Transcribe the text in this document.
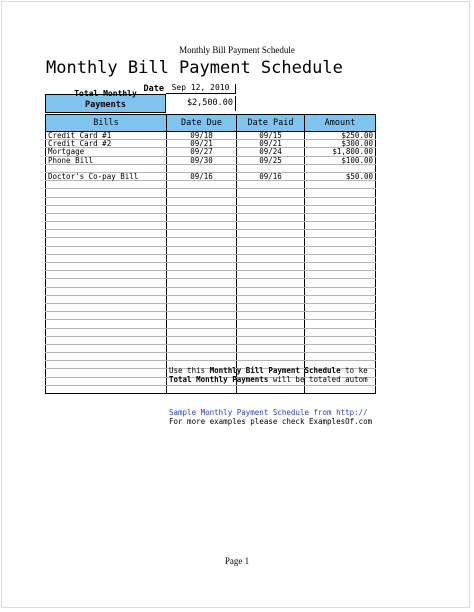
Monthly Bill Payment Schedule
Monthly Bill Payment Schedule
Date Sep 12, 2010
Total Monthly
Payments	$2,500.00
Bills	Date Due	Date Paid	Amount
Credit Card #1	09/18	09/15	$250.00
Credit Card #2	09/21	09/21	$300.00
Mortgage	09/27	09/24	$1,800.00
Phone Bill	09/30	09/25	$100.00

Doctor's Co-pay Bill	09/16	09/16	$50.00

Use this Monthly Bill Payment Schedule to ke
Total Monthly Payments will be totaled autom
Sample Monthly Payment Schedule from http://
For more examples please check ExamplesOf.com
Page 1
